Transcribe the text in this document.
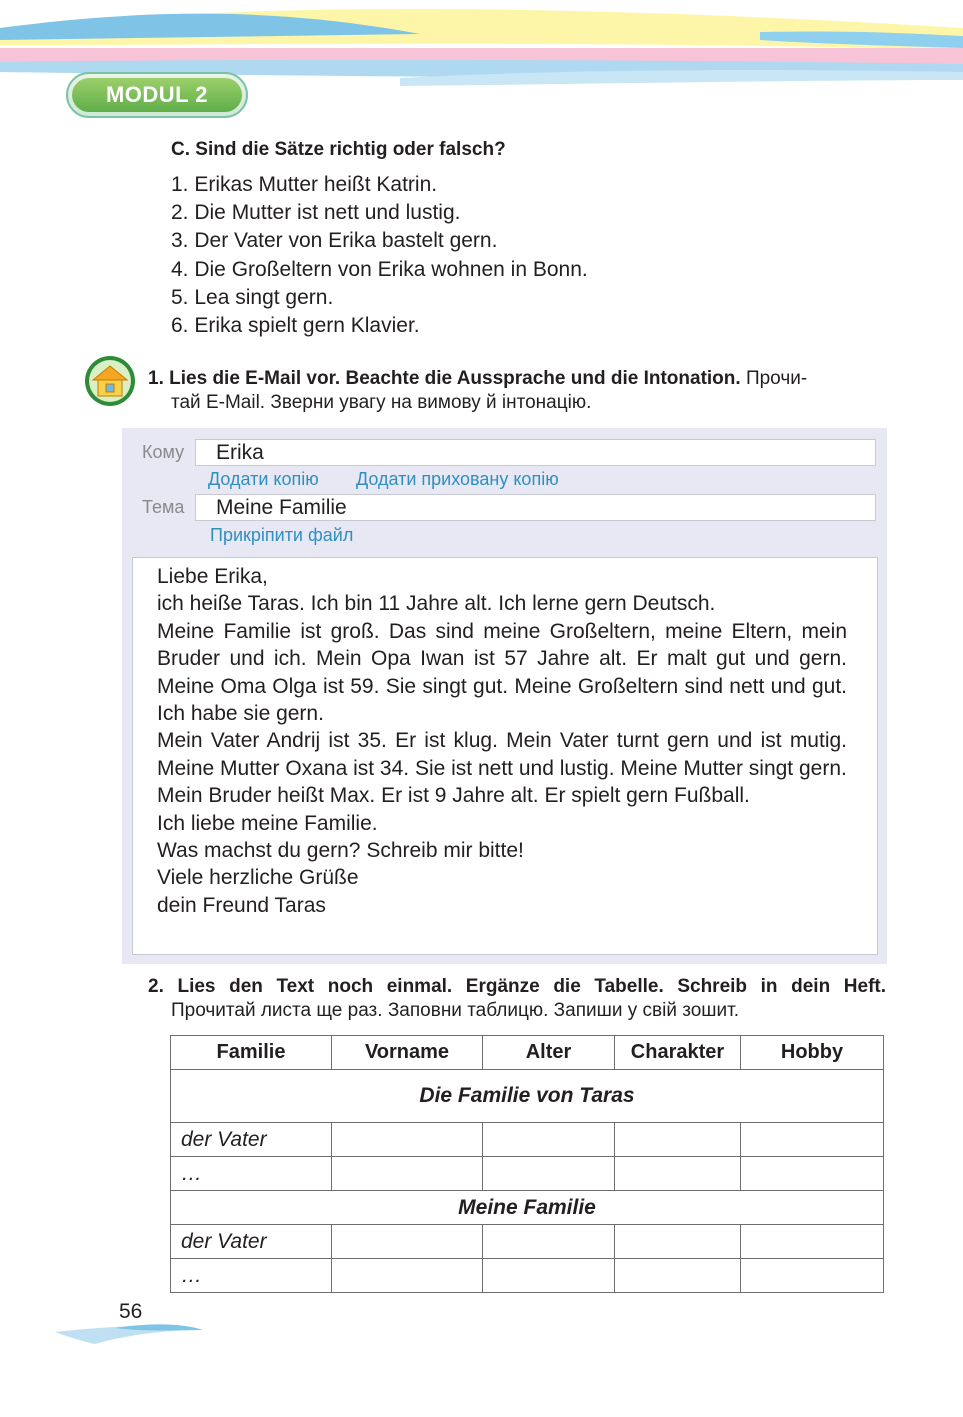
MODUL 2
C. Sind die Sätze richtig oder falsch?
1. Erikas Mutter heißt Katrin.
2. Die Mutter ist nett und lustig.
3. Der Vater von Erika bastelt gern.
4. Die Großeltern von Erika wohnen in Bonn.
5. Lea singt gern.
6. Erika spielt gern Klavier.
1. Lies die E-Mail vor. Beachte die Aussprache und die Intonation. Прочи-
тай E-Mail. Зверни увагу на вимову й інтонацію.
Кому	Erika
Додати копію Додати приховану копію
Тема	Meine Familie
Прикріпити файл

Liebe Erika,

ich heiße Taras. Ich bin 11 Jahre alt. Ich lerne gern Deutsch.

Meine Familie ist groß. Das sind meine Großeltern, meine Eltern, mein Bruder und ich. Mein Opa Iwan ist 57 Jahre alt. Er malt gut und gern. Meine Oma Olga ist 59. Sie singt gut. Meine Großeltern sind nett und gut. Ich habe sie gern.

Mein Vater Andrij ist 35. Er ist klug. Mein Vater turnt gern und ist mutig. Meine Mutter Oxana ist 34. Sie ist nett und lustig. Meine Mutter singt gern.

Mein Bruder heißt Max. Er ist 9 Jahre alt. Er spielt gern Fußball.

Ich liebe meine Familie.

Was machst du gern? Schreib mir bitte!

Viele herzliche Grüße

dein Freund Taras

2. Lies den Text noch einmal. Ergänze die Tabelle. Schreib in dein Heft.
Прочитай листа ще раз. Заповни таблицю. Запиши у свій зошит.
Familie	Vorname	Alter	Charakter	Hobby
Die Familie von Taras				
der Vater				
…				
Meine Familie				
der Vater				
…				
56
